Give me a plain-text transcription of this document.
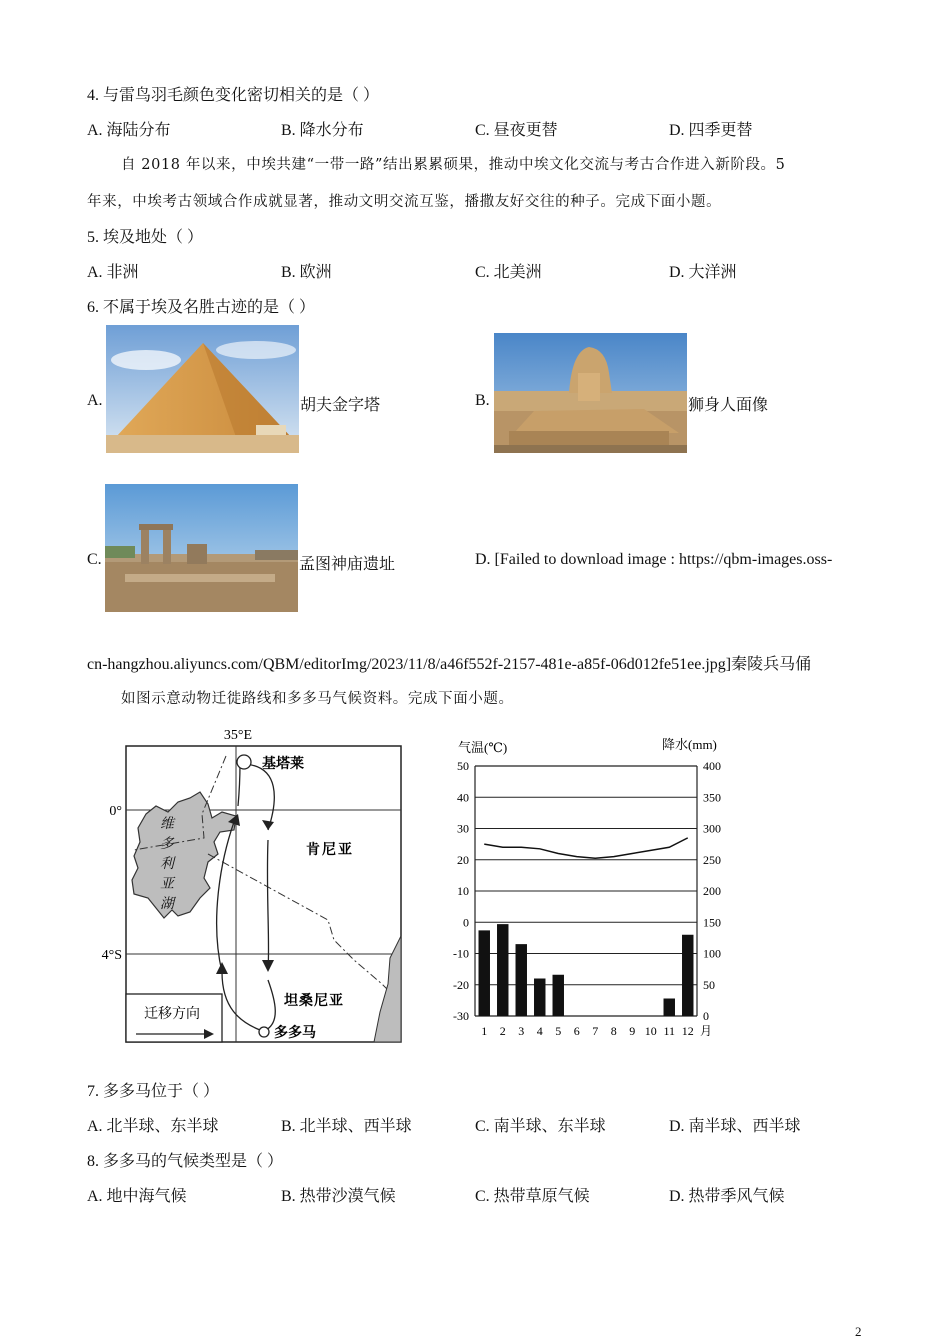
4. 与雷鸟羽毛颜色变化密切相关的是（ ）
A. 海陆分布	B. 降水分布	C. 昼夜更替	D. 四季更替
自 2018 年以来，中埃共建“一带一路”结出累累硕果，推动中埃文化交流与考古合作进入新阶段。5
年来，中埃考古领域合作成就显著，推动文明交流互鉴，播撒友好交往的种子。完成下面小题。
5. 埃及地处（ ）
A. 非洲	B. 欧洲	C. 北美洲	D. 大洋洲
6. 不属于埃及名胜古迹的是（ ）
A.	胡夫金字塔	B.	狮身人面像
C.	孟图神庙遗址	D. [Failed to download image : https://qbm-images.oss-
cn-hangzhou.aliyuncs.com/QBM/editorImg/2023/11/8/a46f552f-2157-481e-a85f-06d012fe51ee.jpg]秦陵兵马俑
如图示意动物迁徙路线和多多马气候资料。完成下面小题。
35°E
0°
4°S
维
多
利
亚
湖
基塔莱
多多马
肯尼亚
坦桑尼亚
迁移方向
气温(℃)	降水(mm)
50
40
30
20
10
0
-10
-20
-30
400
350
300
250
200
150
100
50
0
1 2 3 4 5 6 7 8 9 10 11 12 月
7. 多多马位于（ ）
A. 北半球、东半球	B. 北半球、西半球	C. 南半球、东半球	D. 南半球、西半球
8. 多多马的气候类型是（ ）
A. 地中海气候	B. 热带沙漠气候	C. 热带草原气候	D. 热带季风气候
2
